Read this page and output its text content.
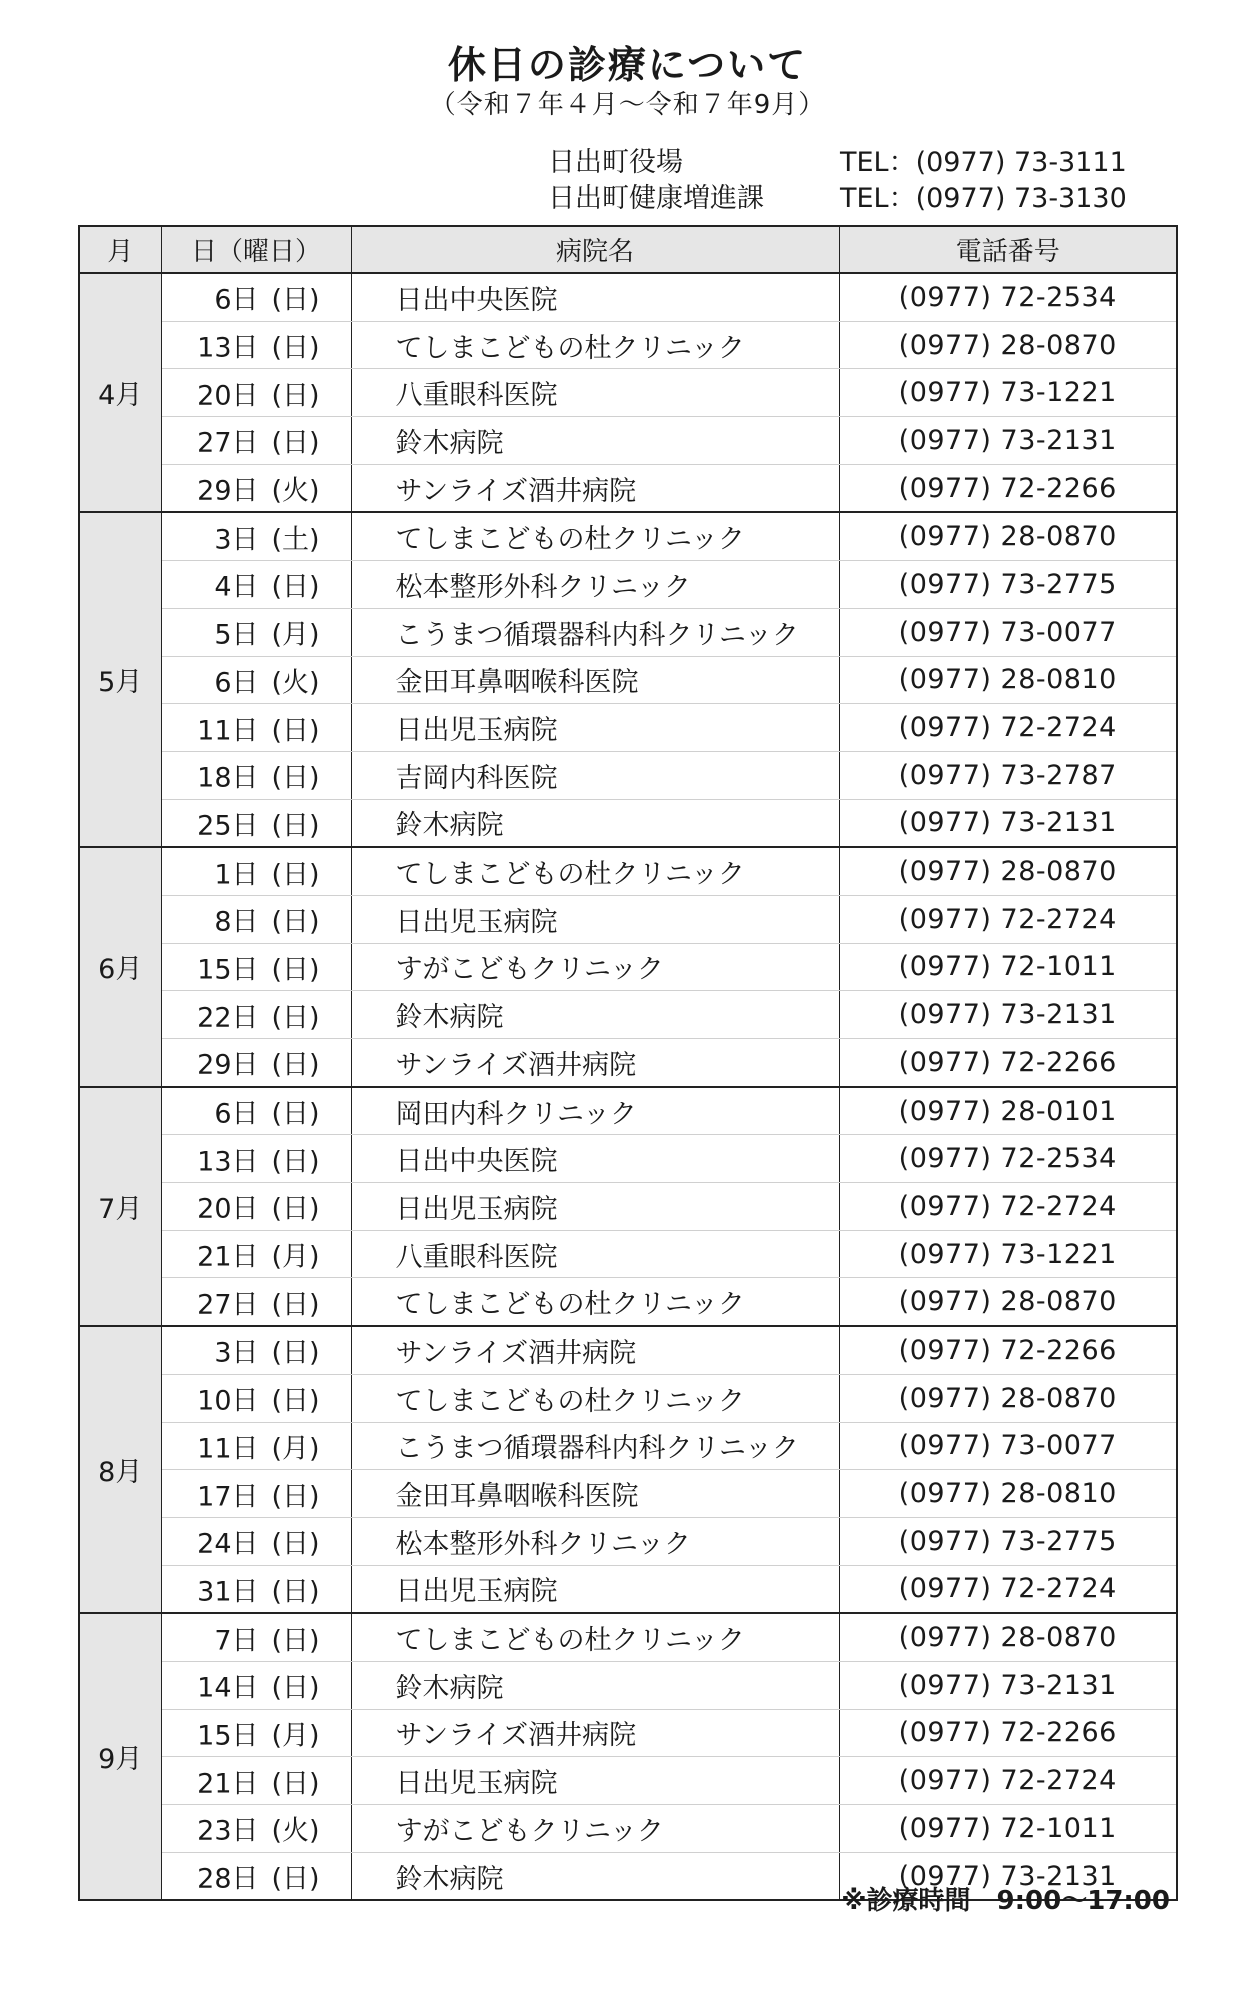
休日の診療について
（令和７年４月～令和７年9月）
日出町役場	TEL：(0977) 73-3111
日出町健康増進課	TEL：(0977) 73-3130
月	日（曜日）	病院名	電話番号
4月	6日 (日)	日出中央医院	(0977) 72-2534

	13日 (日)	てしまこどもの杜クリニック	(0977) 28-0870

	20日 (日)	八重眼科医院	(0977) 73-1221

	27日 (日)	鈴木病院	(0977) 73-2131

	29日 (火)	サンライズ酒井病院	(0977) 72-2266
5月	3日 (土)	てしまこどもの杜クリニック	(0977) 28-0870

	4日 (日)	松本整形外科クリニック	(0977) 73-2775

	5日 (月)	こうまつ循環器科内科クリニック	(0977) 73-0077

	6日 (火)	金田耳鼻咽喉科医院	(0977) 28-0810

	11日 (日)	日出児玉病院	(0977) 72-2724

	18日 (日)	吉岡内科医院	(0977) 73-2787

	25日 (日)	鈴木病院	(0977) 73-2131
6月	1日 (日)	てしまこどもの杜クリニック	(0977) 28-0870

	8日 (日)	日出児玉病院	(0977) 72-2724

	15日 (日)	すがこどもクリニック	(0977) 72-1011

	22日 (日)	鈴木病院	(0977) 73-2131

	29日 (日)	サンライズ酒井病院	(0977) 72-2266
7月	6日 (日)	岡田内科クリニック	(0977) 28-0101

	13日 (日)	日出中央医院	(0977) 72-2534

	20日 (日)	日出児玉病院	(0977) 72-2724

	21日 (月)	八重眼科医院	(0977) 73-1221

	27日 (日)	てしまこどもの杜クリニック	(0977) 28-0870
8月	3日 (日)	サンライズ酒井病院	(0977) 72-2266

	10日 (日)	てしまこどもの杜クリニック	(0977) 28-0870

	11日 (月)	こうまつ循環器科内科クリニック	(0977) 73-0077

	17日 (日)	金田耳鼻咽喉科医院	(0977) 28-0810

	24日 (日)	松本整形外科クリニック	(0977) 73-2775

	31日 (日)	日出児玉病院	(0977) 72-2724
9月	7日 (日)	てしまこどもの杜クリニック	(0977) 28-0870

	14日 (日)	鈴木病院	(0977) 73-2131

	15日 (月)	サンライズ酒井病院	(0977) 72-2266

	21日 (日)	日出児玉病院	(0977) 72-2724

	23日 (火)	すがこどもクリニック	(0977) 72-1011

	28日 (日)	鈴木病院	(0977) 73-2131
※診療時間　9:00～17:00
